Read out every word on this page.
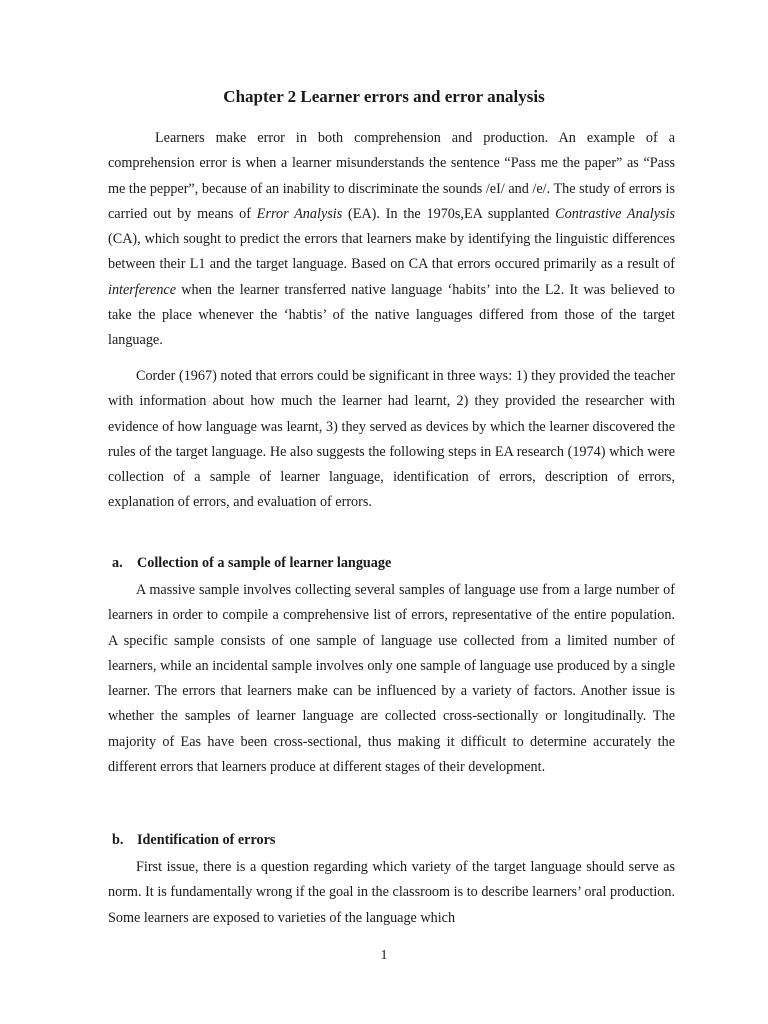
Chapter 2 Learner errors and error analysis

Learners make error in both comprehension and production. An example of a comprehension error is when a learner misunderstands the sentence “Pass me the paper” as “Pass me the pepper”, because of an inability to discriminate the sounds /eI/ and /e/. The study of errors is carried out by means of Error Analysis (EA). In the 1970s,EA supplanted Contrastive Analysis (CA), which sought to predict the errors that learners make by identifying the linguistic differences between their L1 and the target language. Based on CA that errors occured primarily as a result of interference when the learner transferred native language ‘habits’ into the L2. It was believed to take the place whenever the ‘habtis’ of the native languages differed from those of the target language.

Corder (1967) noted that errors could be significant in three ways: 1) they provided the teacher with information about how much the learner had learnt, 2) they provided the researcher with evidence of how language was learnt, 3) they served as devices by which the learner discovered the rules of the target language. He also suggests the following steps in EA research (1974) which were collection of a sample of learner language, identification of errors, description of errors, explanation of errors, and evaluation of errors.

a. Collection of a sample of learner language

A massive sample involves collecting several samples of language use from a large number of learners in order to compile a comprehensive list of errors, representative of the entire population. A specific sample consists of one sample of language use collected from a limited number of learners, while an incidental sample involves only one sample of language use produced by a single learner. The errors that learners make can be influenced by a variety of factors. Another issue is whether the samples of learner language are collected cross-sectionally or longitudinally. The majority of Eas have been cross-sectional, thus making it difficult to determine accurately the different errors that learners produce at different stages of their development.

b. Identification of errors

First issue, there is a question regarding which variety of the target language should serve as norm. It is fundamentally wrong if the goal in the classroom is to describe learners’ oral production. Some learners are exposed to varieties of the language which

1
